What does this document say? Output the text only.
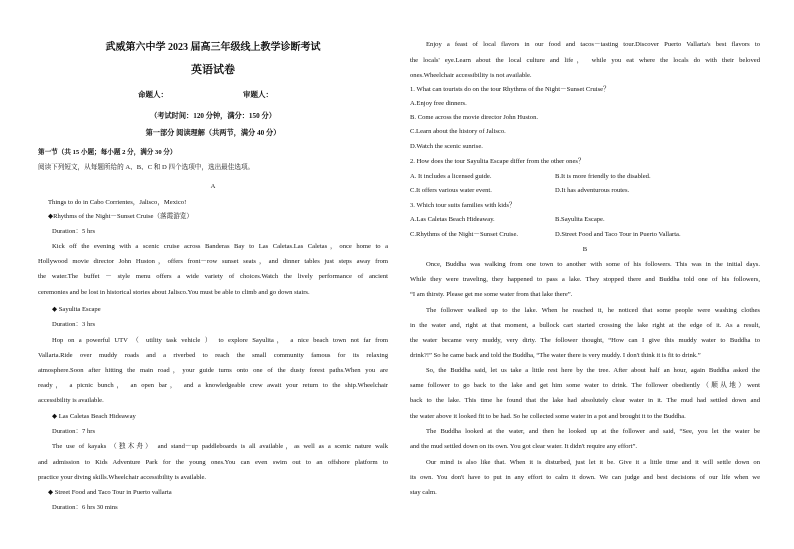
武威第六中学 2023 届高三年级线上教学诊断考试
英语试卷
命题人：	审题人：
（考试时间：120 分钟，满分：150 分）
第一部分 阅读理解（共两节，满分 40 分）
第一节（共 15 小题；每小题 2 分，满分 30 分）
阅读下列短文，从每题所给的 A、B、C 和 D 四个选项中，选出最佳选项。
A
Things to do in Cabo Corrientes，Jalisco，Mexico!
◆Rhythms of the Night－Sunset Cruise（落霞游览）
Duration：5 hrs
Kick off the evening with a scenic cruise across Banderas Bay to Las Caletas.Las Caletas，once home to a
Hollywood movie director John Huston，offers front－row sunset seats，and dinner tables just steps away from
the water.The buffet － style menu offers a wide variety of choices.Watch the lively performance of ancient
ceremonies and be lost in historical stories about Jalisco.You must be able to climb and go down stairs.
◆ Sayulita Escape
Duration：3 hrs
Hop on a powerful UTV （ utility task vehicle ） to explore Sayulita， a nice beach town not far from
Vallarta.Ride over muddy roads and a riverbed to reach the small community famous for its relaxing
atmosphere.Soon after hitting the main road，your guide turns onto one of the dusty forest paths.When you are
ready， a picnic bunch， an open bar， and a knowledgeable crew await your return to the ship.Wheelchair
accessibility is available.
◆ Las Caletas Beach Hideaway
Duration：7 hrs
The use of kayaks （独木舟） and stand－up paddleboards is all available，as well as a scenic nature walk
and admission to Kids Adventure Park for the young ones.You can even swim out to an offshore platform to
practice your diving skills.Wheelchair accessibility is available.
◆ Street Food and Taco Tour in Puerto vallarta
Duration：6 hrs 30 mins
Enjoy a feast of local flavors in our food and tacos－tasting tour.Discover Puerto Vallarta's best flavors to
the locals' eye.Learn about the local culture and life， while you eat where the locals do with their beloved
ones.Wheelchair accessibility is not available.
1. What can tourists do on the tour Rhythms of the Night－Sunset Cruise？
A.Enjoy free dinners.
B. Come across the movie director John Huston.
C.Learn about the history of Jalisco.
D.Watch the scenic sunrise.
2. How does the tour Sayulita Escape differ from the other ones？
A. It includes a licensed guide.	B.It is more friendly to the disabled.
C.It offers various water event.	D.It has adventurous routes.
3. Which tour suits families with kids？
A.Las Caletas Beach Hideaway.	B.Sayulita Escape.
C.Rhythms of the Night－Sunset Cruise.	D.Street Food and Taco Tour in Puerto Vallarta.
B
Once, Buddha was walking from one town to another with some of his followers. This was in the initial days.
While they were traveling, they happened to pass a lake. They stopped there and Buddha told one of his followers,
“I am thirsty. Please get me some water from that lake there”.
The follower walked up to the lake. When he reached it, he noticed that some people were washing clothes
in the water and, right at that moment, a bullock cart started crossing the lake right at the edge of it. As a result,
the water became very muddy, very dirty. The follower thought, “How can I give this muddy water to Buddha to
drink?!” So he came back and told the Buddha, “The water there is very muddy. I don't think it is fit to drink.”
So, the Buddha said, let us take a little rest here by the tree. After about half an hour, again Buddha asked the
same follower to go back to the lake and get him some water to drink. The follower obediently（顺从地）went
back to the lake. This time he found that the lake had absolutely clear water in it. The mud had settled down and
the water above it looked fit to be had. So he collected some water in a pot and brought it to the Buddha.
The Buddha looked at the water, and then he looked up at the follower and said, “See, you let the water be
and the mud settled down on its own. You got clear water. It didn't require any effort”.
Our mind is also like that. When it is disturbed, just let it be. Give it a little time and it will settle down on
its own. You don't have to put in any effort to calm it down. We can judge and best decisions of our life when we
stay calm.
